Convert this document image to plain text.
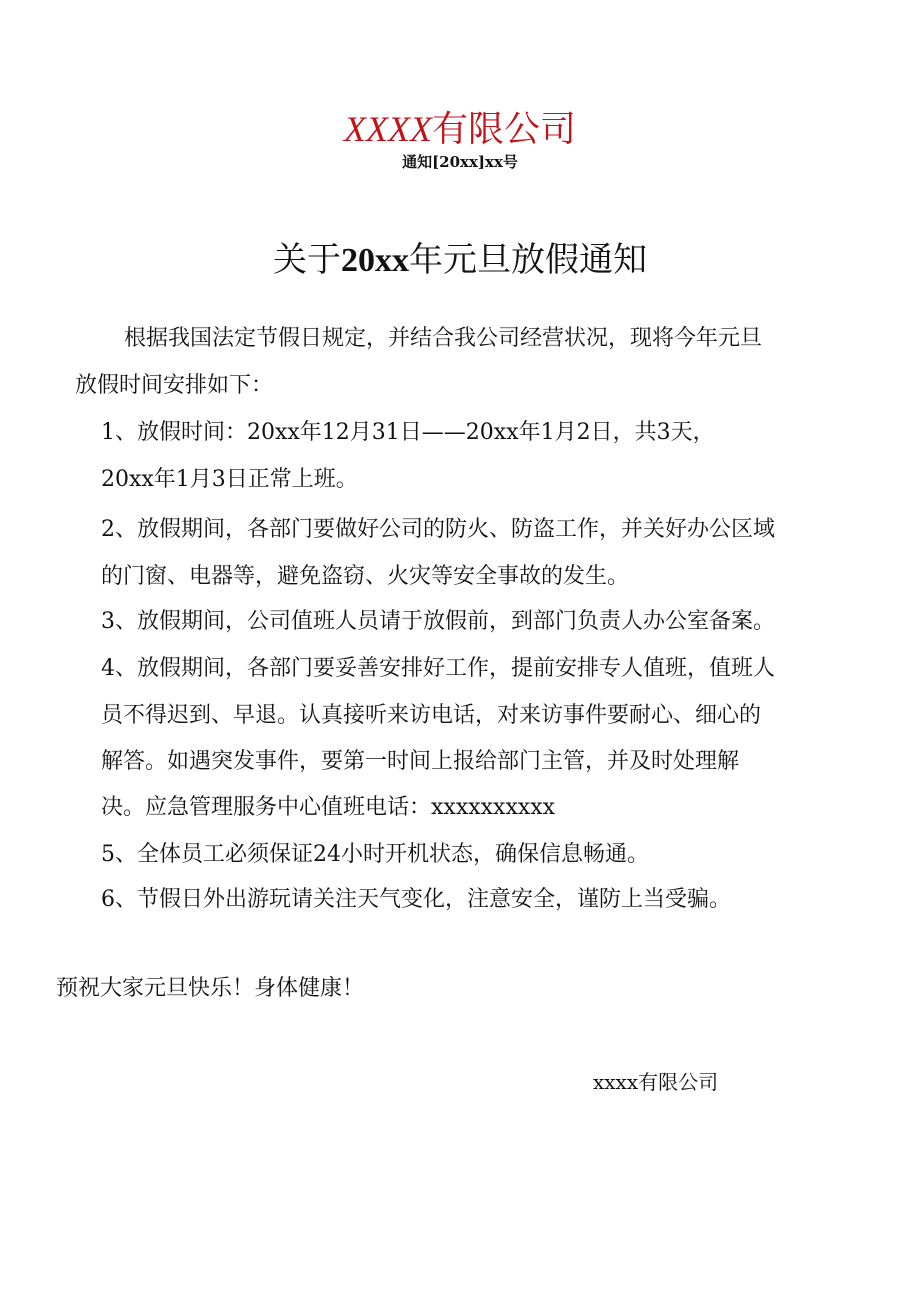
XXXX有限公司
通知[20xx]xx号
关于20xx年元旦放假通知
根据我国法定节假日规定，并结合我公司经营状况，现将今年元旦
放假时间安排如下：
1、放假时间：20xx年12月31日——20xx年1月2日，共3天，
20xx年1月3日正常上班。
2、放假期间，各部门要做好公司的防火、防盗工作，并关好办公区域
的门窗、电器等，避免盗窃、火灾等安全事故的发生。
3、放假期间，公司值班人员请于放假前，到部门负责人办公室备案。
4、放假期间，各部门要妥善安排好工作，提前安排专人值班，值班人
员不得迟到、早退。认真接听来访电话，对来访事件要耐心、细心的
解答。如遇突发事件，要第一时间上报给部门主管，并及时处理解
决。应急管理服务中心值班电话：xxxxxxxxxx
5、全体员工必须保证24小时开机状态，确保信息畅通。
6、节假日外出游玩请关注天气变化，注意安全，谨防上当受骗。
预祝大家元旦快乐！身体健康！
xxxx有限公司
